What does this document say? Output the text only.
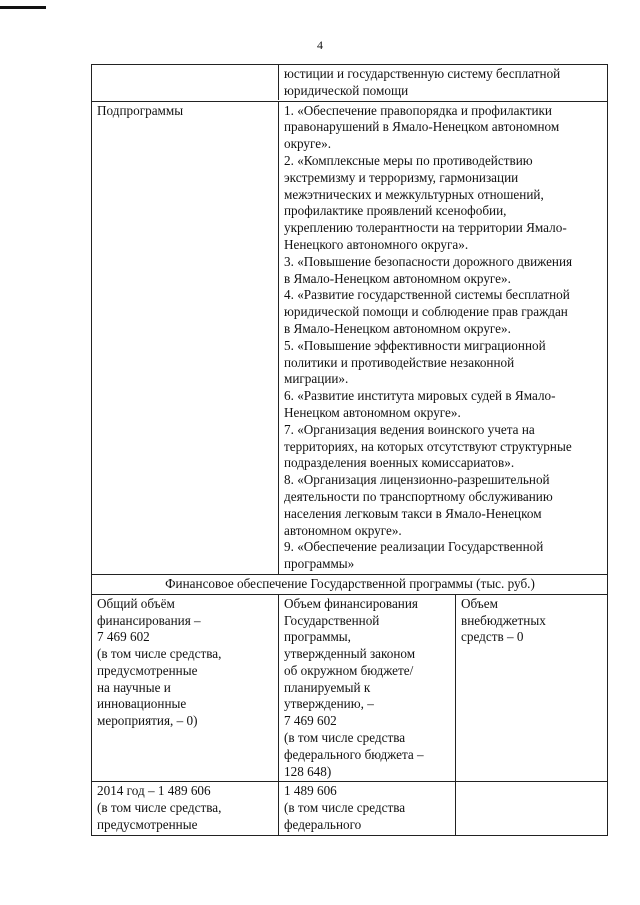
4
юстиции и государственную систему бесплатной
юридической помощи
Подпрограммы	1. «Обеспечение правопорядка и профилактики
правонарушений в Ямало-Ненецком автономном
округе».
2. «Комплексные меры по противодействию
экстремизму и терроризму, гармонизации
межэтнических и межкультурных отношений,
профилактике проявлений ксенофобии,
укреплению толерантности на территории Ямало-
Ненецкого автономного округа».
3. «Повышение безопасности дорожного движения
в Ямало-Ненецком автономном округе».
4. «Развитие государственной системы бесплатной
юридической помощи и соблюдение прав граждан
в Ямало-Ненецком автономном округе».
5. «Повышение эффективности миграционной
политики и противодействие незаконной
миграции».
6. «Развитие института мировых судей в Ямало-
Ненецком автономном округе».
7. «Организация ведения воинского учета на
территориях, на которых отсутствуют структурные
подразделения военных комиссариатов».
8. «Организация лицензионно-разрешительной
деятельности по транспортному обслуживанию
населения легковым такси в Ямало-Ненецком
автономном округе».
9. «Обеспечение реализации Государственной
программы»
Финансовое обеспечение Государственной программы (тыс. руб.)
Общий объём
финансирования –
7 469 602
(в том числе средства,
предусмотренные
на научные и
инновационные
мероприятия, – 0)
Объем финансирования
Государственной
программы,
утвержденный законом
об окружном бюджете/
планируемый к
утверждению, –
7 469 602
(в том числе средства
федерального бюджета –
128 648)
Объем
внебюджетных
средств – 0
2014 год – 1 489 606
(в том числе средства,
предусмотренные
1 489 606
(в том числе средства
федерального
